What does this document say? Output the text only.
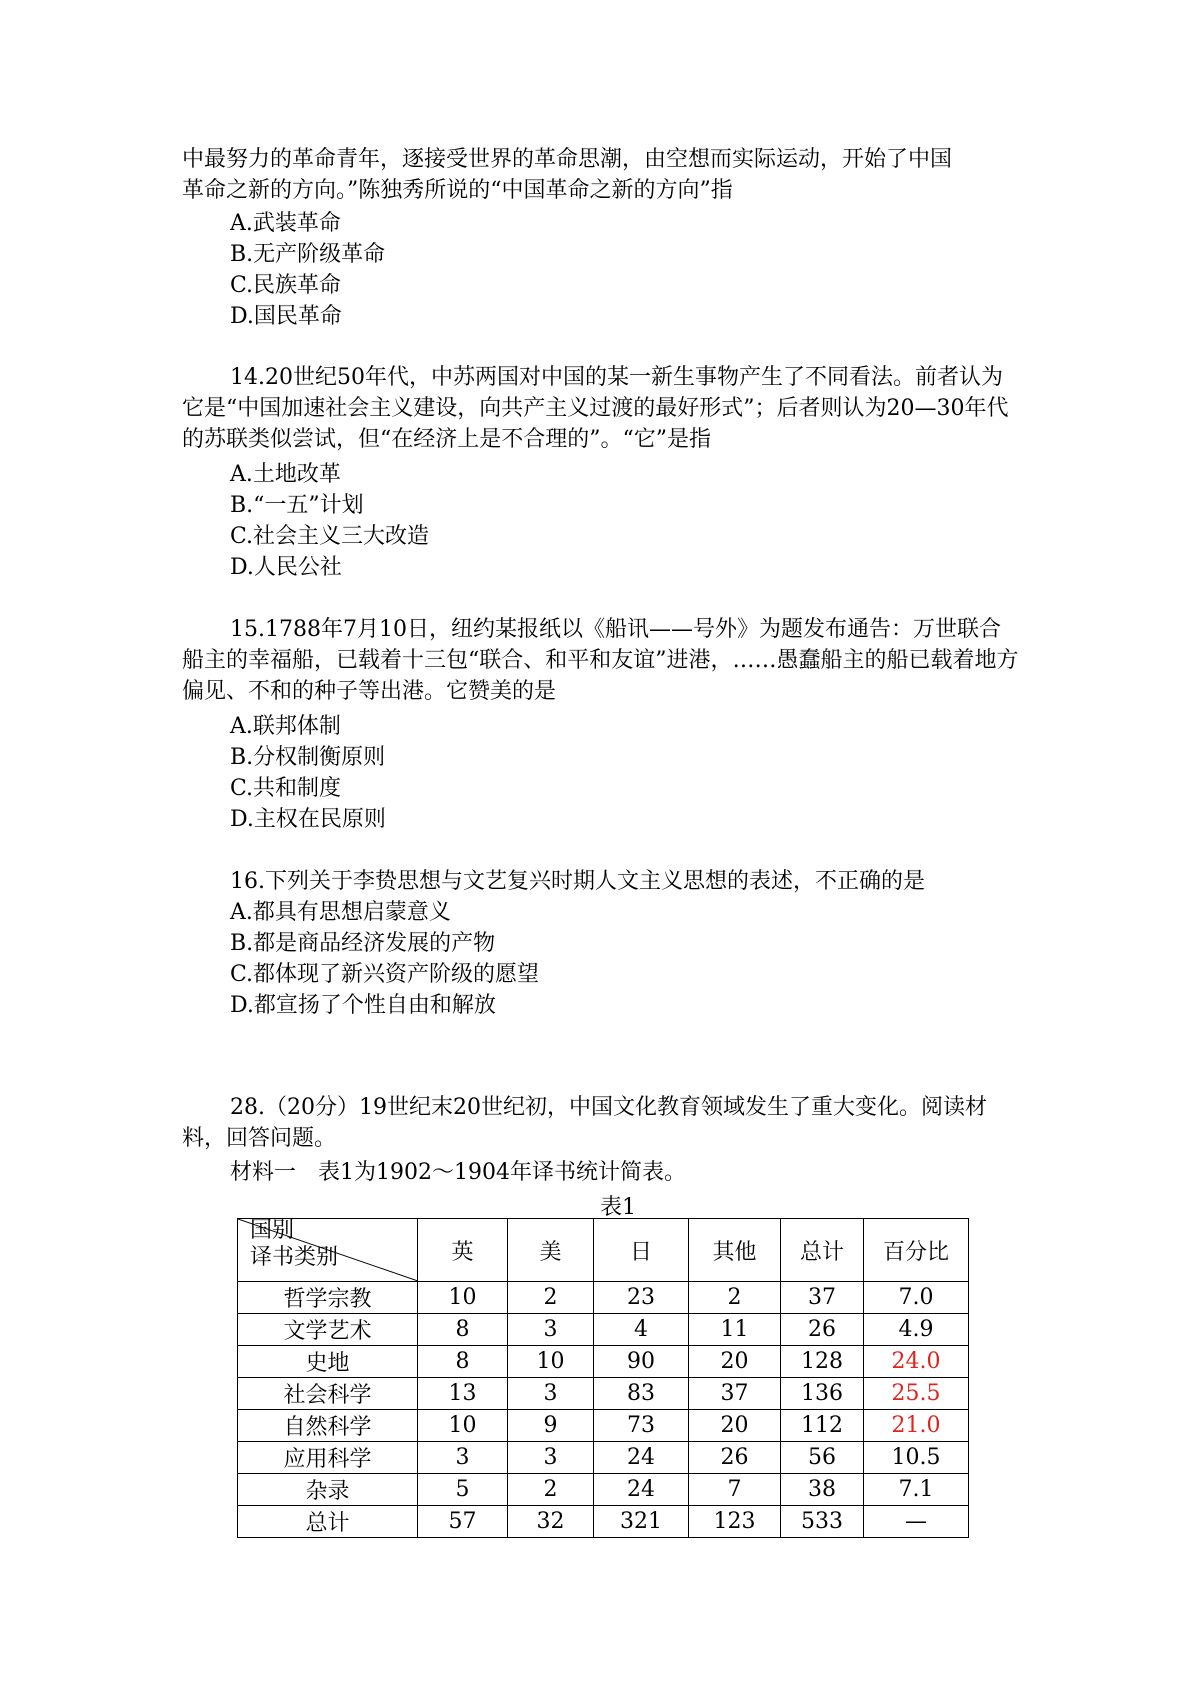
中最努力的革命青年，逐接受世界的革命思潮，由空想而实际运动，开始了中国
革命之新的方向。”陈独秀所说的“中国革命之新的方向”指
A.武装革命
B.无产阶级革命
C.民族革命
D.国民革命
14.20世纪50年代，中苏两国对中国的某一新生事物产生了不同看法。前者认为它是“中国加速社会主义建设，向共产主义过渡的最好形式”；后者则认为20—30年代的苏联类似尝试，但“在经济上是不合理的”。“它”是指
A.土地改革
B.“一五”计划
C.社会主义三大改造
D.人民公社
15.1788年7月10日，纽约某报纸以《船讯——号外》为题发布通告：万世联合船主的幸福船，已载着十三包“联合、和平和友谊”进港，……愚蠢船主的船已载着地方偏见、不和的种子等出港。它赞美的是
A.联邦体制
B.分权制衡原则
C.共和制度
D.主权在民原则
16.下列关于李贽思想与文艺复兴时期人文主义思想的表述，不正确的是
A.都具有思想启蒙意义
B.都是商品经济发展的产物
C.都体现了新兴资产阶级的愿望
D.都宣扬了个性自由和解放
28.（20分）19世纪末20世纪初，中国文化教育领域发生了重大变化。阅读材料，回答问题。
材料一　表1为1902～1904年译书统计简表。
表1
国别
译书类别	英	美	日	其他	总计	百分比
哲学宗教	10	2	23	2	37	7.0
文学艺术	8	3	4	11	26	4.9
史地	8	10	90	20	128	24.0
社会科学	13	3	83	37	136	25.5
自然科学	10	9	73	20	112	21.0
应用科学	3	3	24	26	56	10.5
杂录	5	2	24	7	38	7.1
总计	57	32	321	123	533	—
